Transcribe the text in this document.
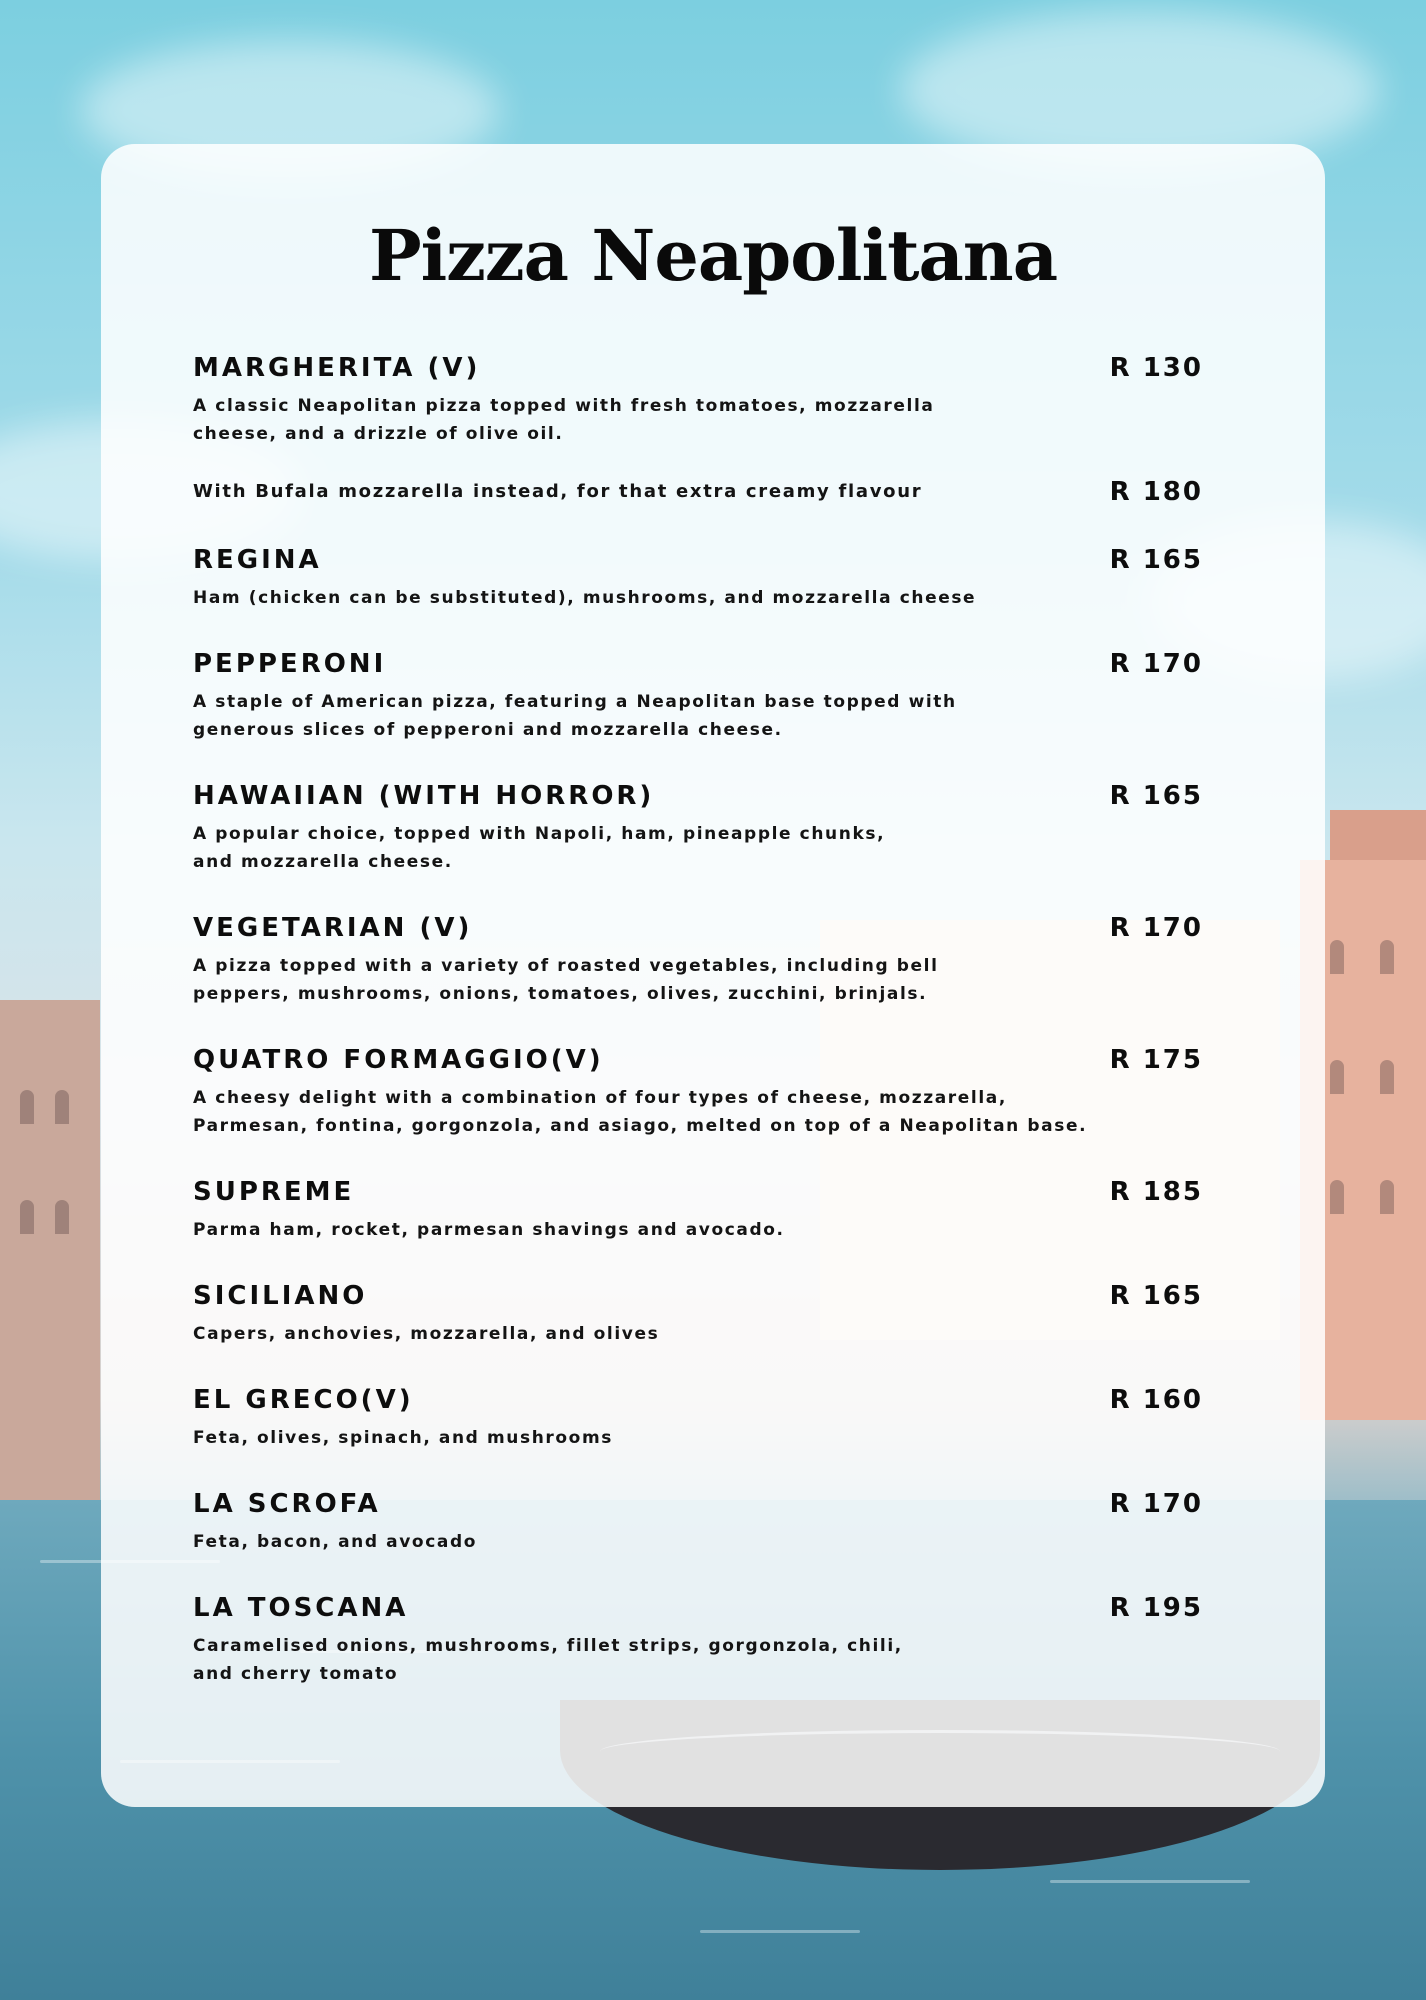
Pizza Neapolitana
MARGHERITA (V)	R 130
A classic Neapolitan pizza topped with fresh tomatoes, mozzarella
cheese, and a drizzle of olive oil.
With Bufala mozzarella instead, for that extra creamy flavour	R 180
REGINA	R 165
Ham (chicken can be substituted), mushrooms, and mozzarella cheese
PEPPERONI	R 170
A staple of American pizza, featuring a Neapolitan base topped with
generous slices of pepperoni and mozzarella cheese.
HAWAIIAN (WITH HORROR)	R 165
A popular choice, topped with Napoli, ham, pineapple chunks,
and mozzarella cheese.
VEGETARIAN (V)	R 170
A pizza topped with a variety of roasted vegetables, including bell
peppers, mushrooms, onions, tomatoes, olives, zucchini, brinjals.
QUATRO FORMAGGIO(V)	R 175
A cheesy delight with a combination of four types of cheese, mozzarella,
Parmesan, fontina, gorgonzola, and asiago, melted on top of a Neapolitan base.
SUPREME	R 185
Parma ham, rocket, parmesan shavings and avocado.
SICILIANO	R 165
Capers, anchovies, mozzarella, and olives
EL GRECO(V)	R 160
Feta, olives, spinach, and mushrooms
LA SCROFA	R 170
Feta, bacon, and avocado
LA TOSCANA	R 195
Caramelised onions, mushrooms, fillet strips, gorgonzola, chili,
and cherry tomato
